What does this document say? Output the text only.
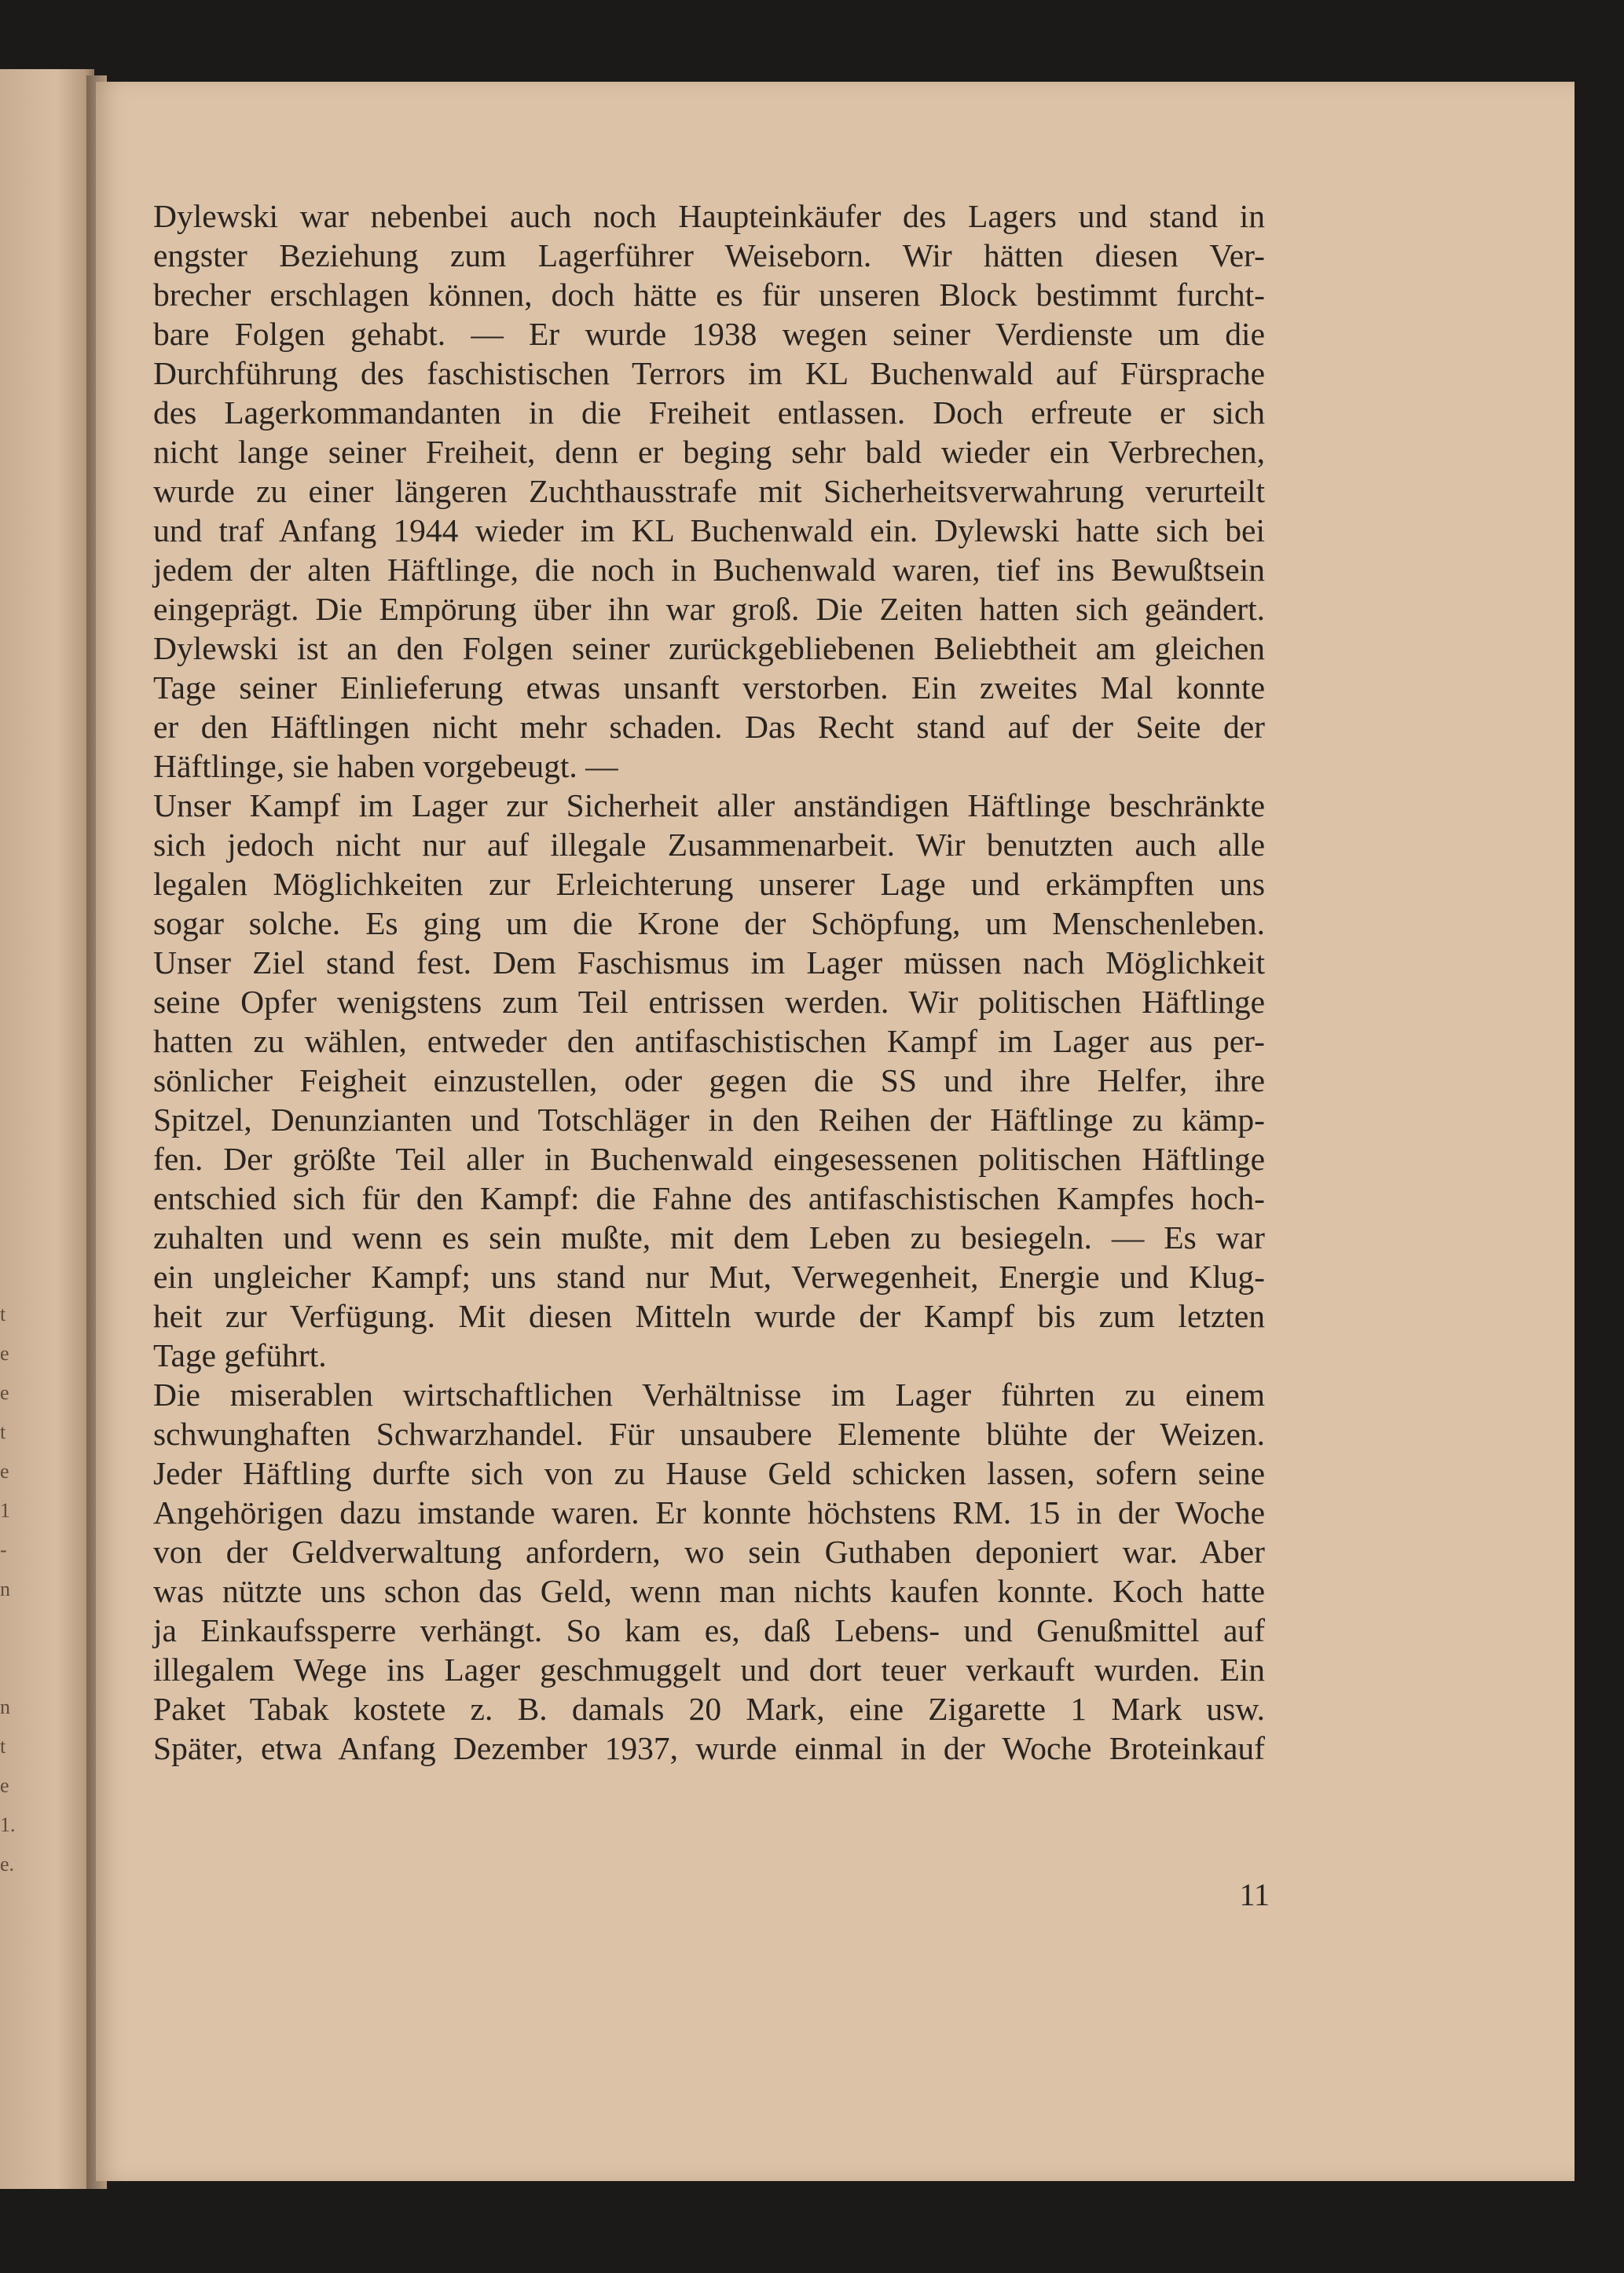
t
e
e
t
e
1
-
n
n
t
e
1.
e.
Dylewski war nebenbei auch noch Haupteinkäufer des Lagers und stand in
engster Beziehung zum Lagerführer Weiseborn. Wir hätten diesen Ver-
brecher erschlagen können, doch hätte es für unseren Block bestimmt furcht-
bare Folgen gehabt. — Er wurde 1938 wegen seiner Verdienste um die
Durchführung des faschistischen Terrors im KL Buchenwald auf Fürsprache
des Lagerkommandanten in die Freiheit entlassen. Doch erfreute er sich
nicht lange seiner Freiheit, denn er beging sehr bald wieder ein Verbrechen,
wurde zu einer längeren Zuchthausstrafe mit Sicherheitsverwahrung verurteilt
und traf Anfang 1944 wieder im KL Buchenwald ein. Dylewski hatte sich bei
jedem der alten Häftlinge, die noch in Buchenwald waren, tief ins Bewußtsein
eingeprägt. Die Empörung über ihn war groß. Die Zeiten hatten sich geändert.
Dylewski ist an den Folgen seiner zurückgebliebenen Beliebtheit am gleichen
Tage seiner Einlieferung etwas unsanft verstorben. Ein zweites Mal konnte
er den Häftlingen nicht mehr schaden. Das Recht stand auf der Seite der
Häftlinge, sie haben vorgebeugt. —
Unser Kampf im Lager zur Sicherheit aller anständigen Häftlinge beschränkte
sich jedoch nicht nur auf illegale Zusammenarbeit. Wir benutzten auch alle
legalen Möglichkeiten zur Erleichterung unserer Lage und erkämpften uns
sogar solche. Es ging um die Krone der Schöpfung, um Menschenleben.
Unser Ziel stand fest. Dem Faschismus im Lager müssen nach Möglichkeit
seine Opfer wenigstens zum Teil entrissen werden. Wir politischen Häftlinge
hatten zu wählen, entweder den antifaschistischen Kampf im Lager aus per-
sönlicher Feigheit einzustellen, oder gegen die SS und ihre Helfer, ihre
Spitzel, Denunzianten und Totschläger in den Reihen der Häftlinge zu kämp-
fen. Der größte Teil aller in Buchenwald eingesessenen politischen Häftlinge
entschied sich für den Kampf: die Fahne des antifaschistischen Kampfes hoch-
zuhalten und wenn es sein mußte, mit dem Leben zu besiegeln. — Es war
ein ungleicher Kampf; uns stand nur Mut, Verwegenheit, Energie und Klug-
heit zur Verfügung. Mit diesen Mitteln wurde der Kampf bis zum letzten
Tage geführt.
Die miserablen wirtschaftlichen Verhältnisse im Lager führten zu einem
schwunghaften Schwarzhandel. Für unsaubere Elemente blühte der Weizen.
Jeder Häftling durfte sich von zu Hause Geld schicken lassen, sofern seine
Angehörigen dazu imstande waren. Er konnte höchstens RM. 15 in der Woche
von der Geldverwaltung anfordern, wo sein Guthaben deponiert war. Aber
was nützte uns schon das Geld, wenn man nichts kaufen konnte. Koch hatte
ja Einkaufssperre verhängt. So kam es, daß Lebens- und Genußmittel auf
illegalem Wege ins Lager geschmuggelt und dort teuer verkauft wurden. Ein
Paket Tabak kostete z. B. damals 20 Mark, eine Zigarette 1 Mark usw.
Später, etwa Anfang Dezember 1937, wurde einmal in der Woche Broteinkauf
11
